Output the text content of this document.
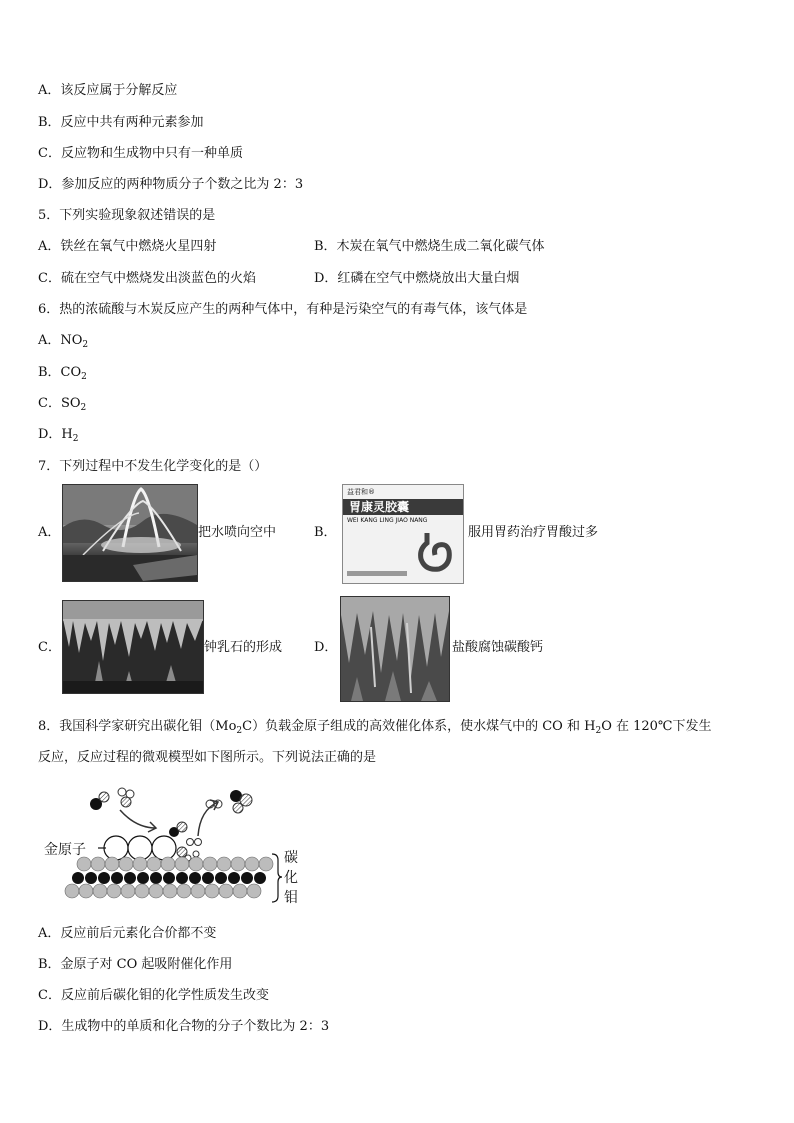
A．该反应属于分解反应
B．反应中共有两种元素参加
C．反应物和生成物中只有一种单质
D．参加反应的两种物质分子个数之比为 2：3
5．下列实验现象叙述错误的是
A．铁丝在氧气中燃烧火星四射	B．木炭在氧气中燃烧生成二氧化碳气体
C．硫在空气中燃烧发出淡蓝色的火焰	D．红磷在空气中燃烧放出大量白烟
6．热的浓硫酸与木炭反应产生的两种气体中，有种是污染空气的有毒气体，该气体是
A．$NO_2$
B．$CO_2$
C．$SO_2$
D．$H_2$
7．下列过程中不发生化学变化的是（）
A．	把水喷向空中	B．
益君和®
胃康灵胶囊
WEI KANG LING JIAO NANG
服用胃药治疗胃酸过多
C．	钟乳石的形成 D．	盐酸腐蚀碳酸钙
8．我国科学家研究出碳化钼$(Mo_2C)$负载金原子组成的高效催化体系，使水煤气中的 CO 和 $H_2O$ 在 120℃下发生
反应，反应过程的微观模型如下图所示。下列说法正确的是
金原子	碳
化
钼
A．反应前后元素化合价都不变
B．金原子对 CO 起吸附催化作用
C．反应前后碳化钼的化学性质发生改变
D．生成物中的单质和化合物的分子个数比为 2：3
